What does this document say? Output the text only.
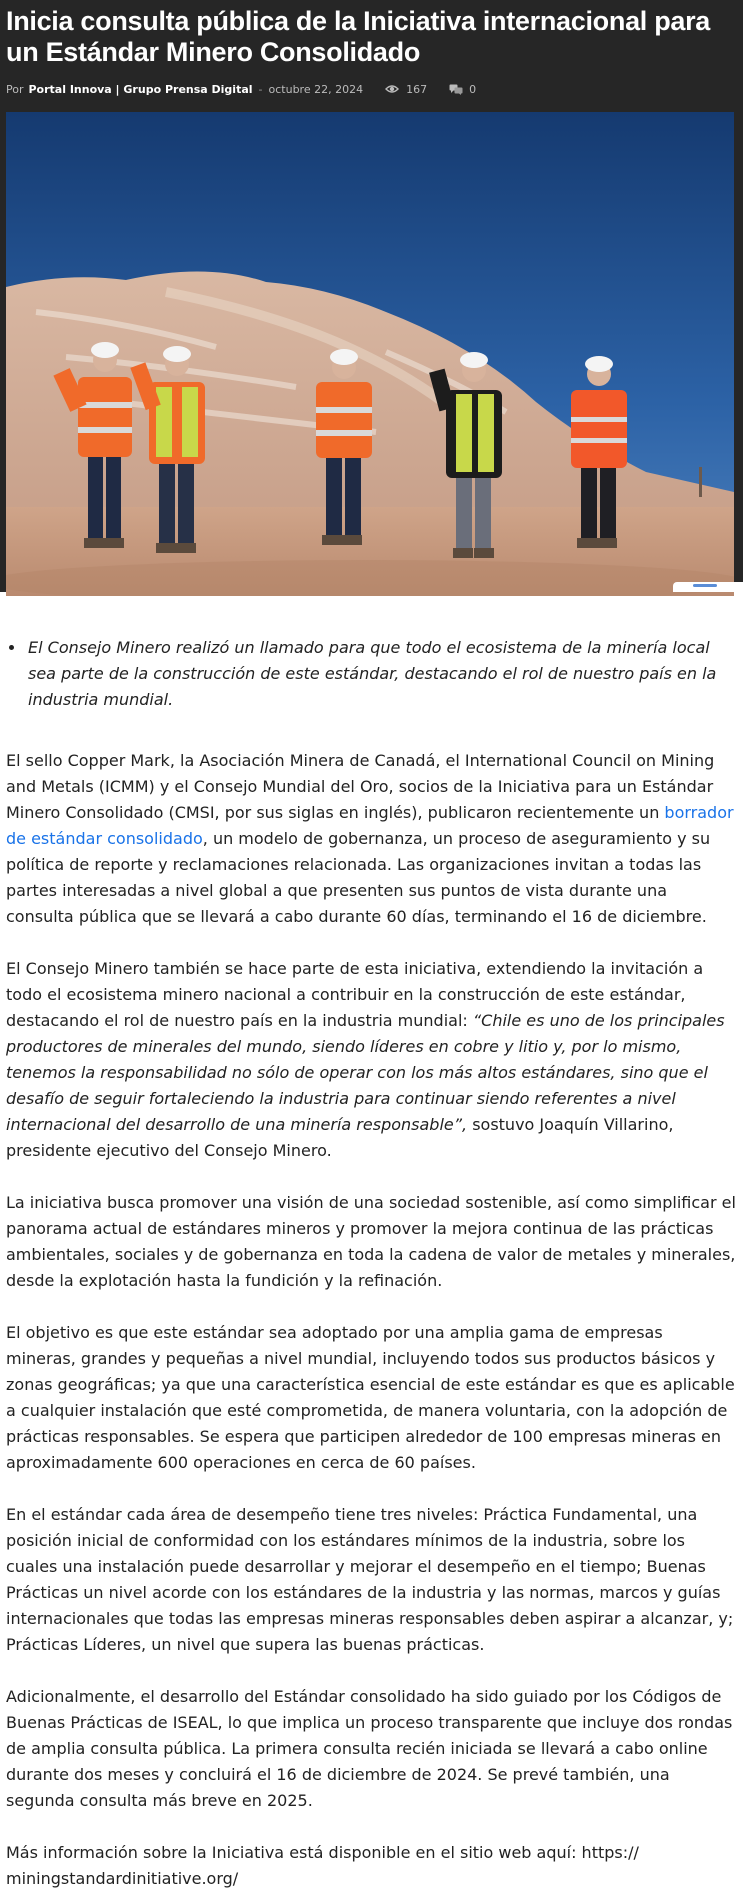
Inicia consulta pública de la Iniciativa internacional para un Estándar Minero Consolidado
Por Portal Innova | Grupo Prensa Digital - octubre 22, 2024	167	0
• El Consejo Minero realizó un llamado para que todo el ecosistema de la minería local sea parte de la construcción de este estándar, destacando el rol de nuestro país en la industria mundial.

El sello Copper Mark, la Asociación Minera de Canadá, el International Council on Mining and Metals (ICMM) y el Consejo Mundial del Oro, socios de la Iniciativa para un Estándar Minero Consolidado (CMSI, por sus siglas en inglés), publicaron recientemente un borrador de estándar consolidado, un modelo de gobernanza, un proceso de aseguramiento y su política de reporte y reclamaciones relacionada. Las organizaciones invitan a todas las partes interesadas a nivel global a que presenten sus puntos de vista durante una consulta pública que se llevará a cabo durante 60 días, terminando el 16 de diciembre.

El Consejo Minero también se hace parte de esta iniciativa, extendiendo la invitación a todo el ecosistema minero nacional a contribuir en la construcción de este estándar, destacando el rol de nuestro país en la industria mundial: “Chile es uno de los principales productores de minerales del mundo, siendo líderes en cobre y litio y, por lo mismo, tenemos la responsabilidad no sólo de operar con los más altos estándares, sino que el desafío de seguir fortaleciendo la industria para continuar siendo referentes a nivel internacional del desarrollo de una minería responsable”, sostuvo Joaquín Villarino, presidente ejecutivo del Consejo Minero.

La iniciativa busca promover una visión de una sociedad sostenible, así como simplificar el panorama actual de estándares mineros y promover la mejora continua de las prácticas ambientales, sociales y de gobernanza en toda la cadena de valor de metales y minerales, desde la explotación hasta la fundición y la refinación.

El objetivo es que este estándar sea adoptado por una amplia gama de empresas mineras, grandes y pequeñas a nivel mundial, incluyendo todos sus productos básicos y zonas geográficas; ya que una característica esencial de este estándar es que es aplicable a cualquier instalación que esté comprometida, de manera voluntaria, con la adopción de prácticas responsables. Se espera que participen alrededor de 100 empresas mineras en aproximadamente 600 operaciones en cerca de 60 países.

En el estándar cada área de desempeño tiene tres niveles: Práctica Fundamental, una posición inicial de conformidad con los estándares mínimos de la industria, sobre los cuales una instalación puede desarrollar y mejorar el desempeño en el tiempo; Buenas Prácticas un nivel acorde con los estándares de la industria y las normas, marcos y guías internacionales que todas las empresas mineras responsables deben aspirar a alcanzar, y; Prácticas Líderes, un nivel que supera las buenas prácticas.

Adicionalmente, el desarrollo del Estándar consolidado ha sido guiado por los Códigos de Buenas Prácticas de ISEAL, lo que implica un proceso transparente que incluye dos rondas de amplia consulta pública. La primera consulta recién iniciada se llevará a cabo online durante dos meses y concluirá el 16 de diciembre de 2024. Se prevé también, una segunda consulta más breve en 2025.

Más información sobre la Iniciativa está disponible en el sitio web aquí: https:// miningstandardinitiative.org/
